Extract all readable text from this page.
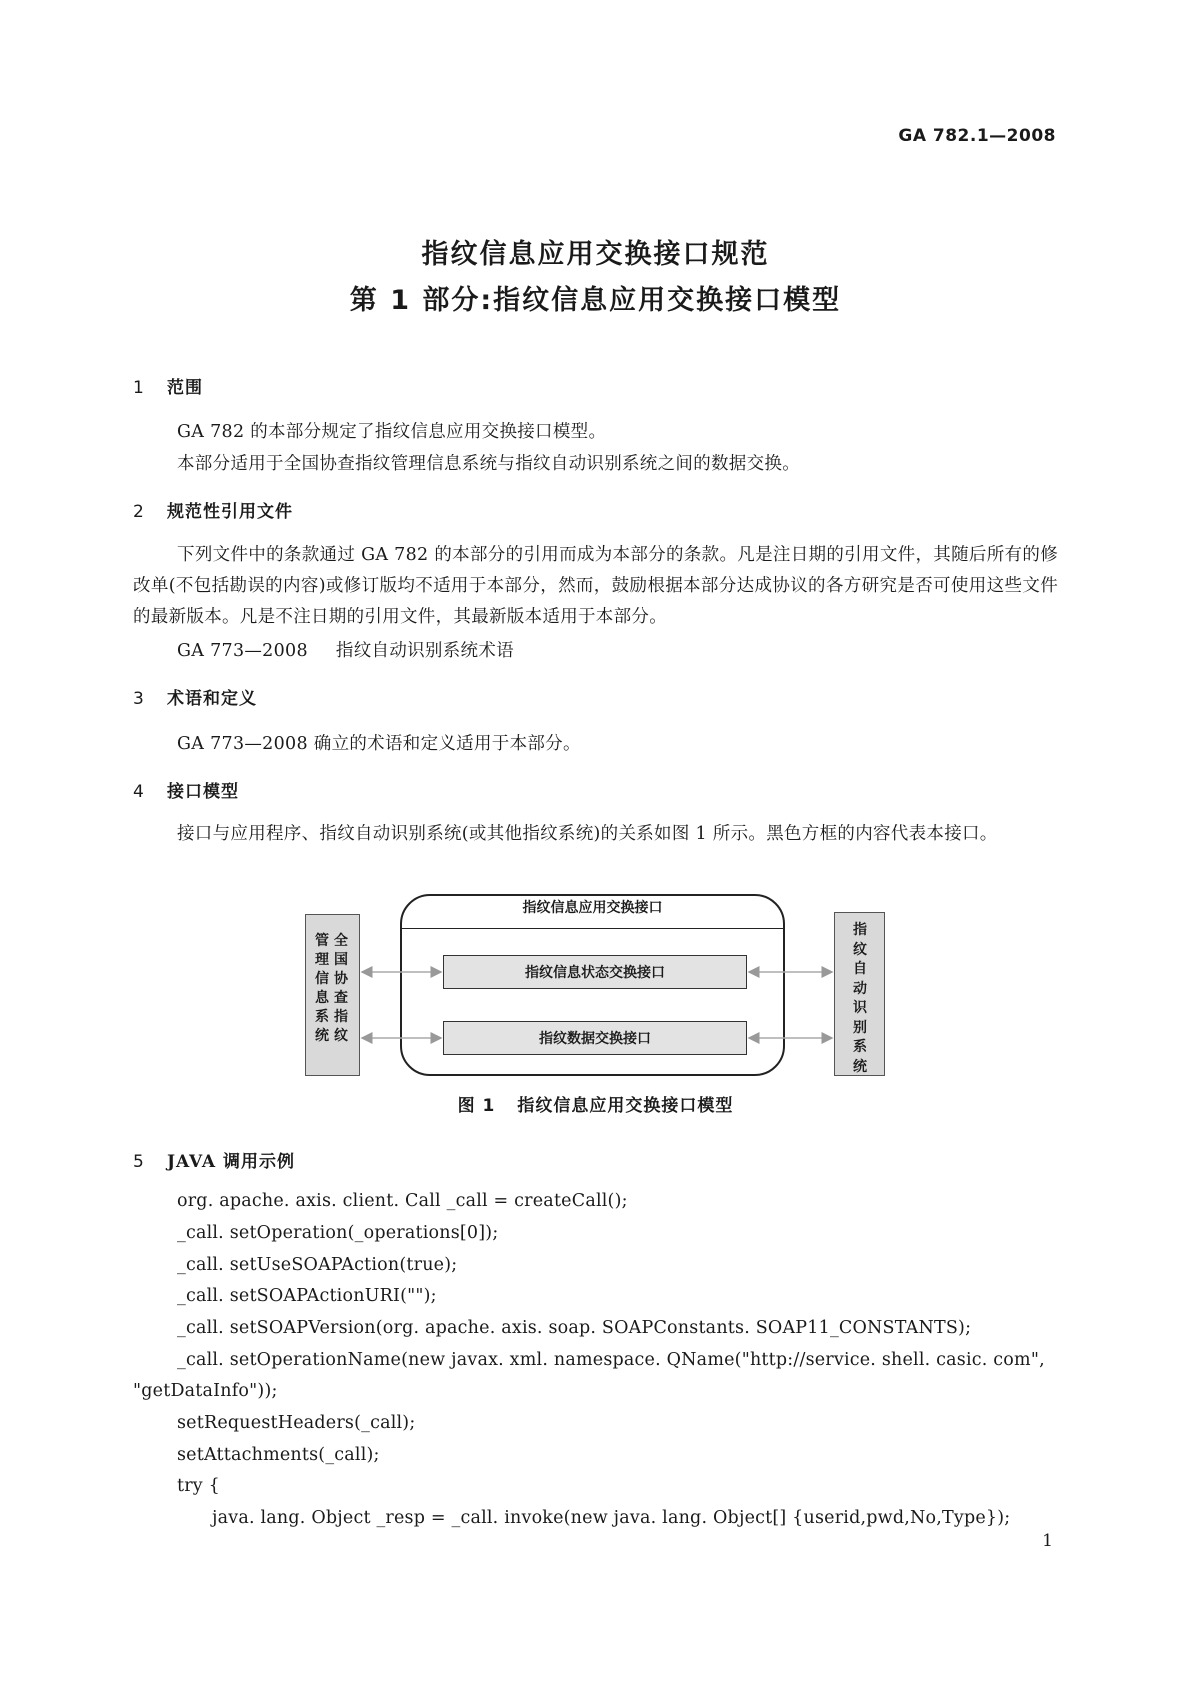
GA 782.1—2008
指纹信息应用交换接口规范
第 1 部分:指纹信息应用交换接口模型
1 范围
GA 782 的本部分规定了指纹信息应用交换接口模型。
本部分适用于全国协查指纹管理信息系统与指纹自动识别系统之间的数据交换。
2 规范性引用文件
下列文件中的条款通过 GA 782 的本部分的引用而成为本部分的条款。凡是注日期的引用文件，其随后所有的修改单(不包括勘误的内容)或修订版均不适用于本部分，然而，鼓励根据本部分达成协议的各方研究是否可使用这些文件的最新版本。凡是不注日期的引用文件，其最新版本适用于本部分。
GA 773—2008 指纹自动识别系统术语
3 术语和定义
GA 773—2008 确立的术语和定义适用于本部分。
4 接口模型
接口与应用程序、指纹自动识别系统(或其他指纹系统)的关系如图 1 所示。黑色方框的内容代表本接口。
全
国
协
查
指
纹
管
理
信
息
系
统
指
纹
自
动
识
别
系
统
指纹信息应用交换接口
指纹信息状态交换接口
指纹数据交换接口
图 1 指纹信息应用交换接口模型
5 JAVA 调用示例
org. apache. axis. client. Call _call = createCall();
_call. setOperation(_operations[0]);
_call. setUseSOAPAction(true);
_call. setSOAPActionURI("");
_call. setSOAPVersion(org. apache. axis. soap. SOAPConstants. SOAP11_CONSTANTS);
_call. setOperationName(new javax. xml. namespace. QName("http://service. shell. casic. com",
"getDataInfo"));
setRequestHeaders(_call);
setAttachments(_call);
try {
java. lang. Object _resp = _call. invoke(new java. lang. Object[] {userid,pwd,No,Type});
1
